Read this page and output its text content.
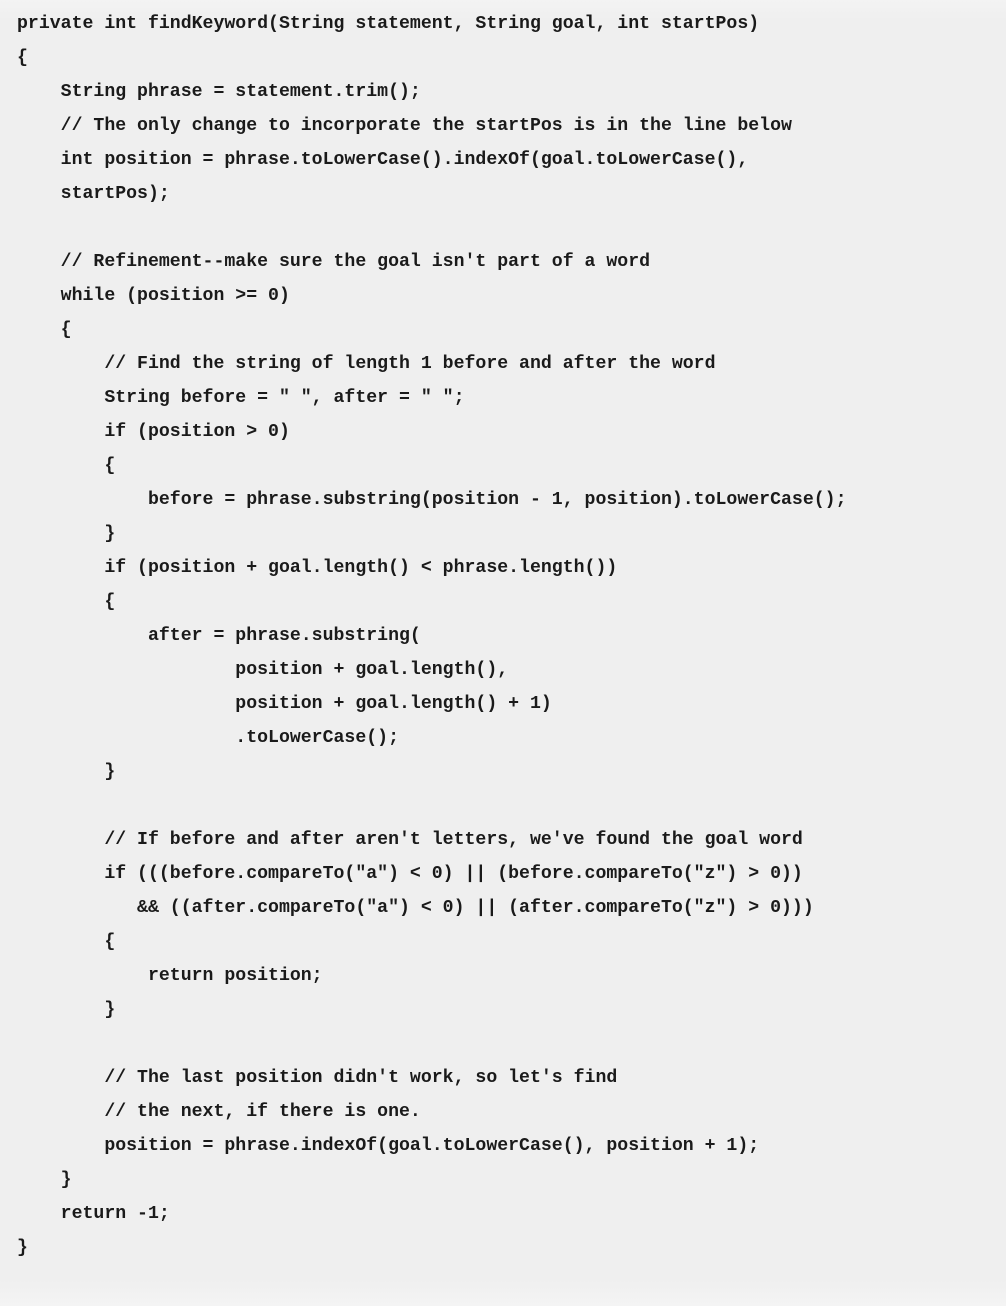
private int findKeyword(String statement, String goal, int startPos)
{
String phrase = statement.trim();
// The only change to incorporate the startPos is in the line below
int position = phrase.toLowerCase().indexOf(goal.toLowerCase(),
startPos);
// Refinement--make sure the goal isn't part of a word
while (position >= 0)
{
// Find the string of length 1 before and after the word
String before = " ", after = " ";
if (position > 0)
{
before = phrase.substring(position - 1, position).toLowerCase();
}
if (position + goal.length() < phrase.length())
{
after = phrase.substring(
position + goal.length(),
position + goal.length() + 1)
.toLowerCase();
}
// If before and after aren't letters, we've found the goal word
if (((before.compareTo("a") < 0) || (before.compareTo("z") > 0))
&& ((after.compareTo("a") < 0) || (after.compareTo("z") > 0)))
{
return position;
}
// The last position didn't work, so let's find
// the next, if there is one.
position = phrase.indexOf(goal.toLowerCase(), position + 1);
}
return -1;
}
